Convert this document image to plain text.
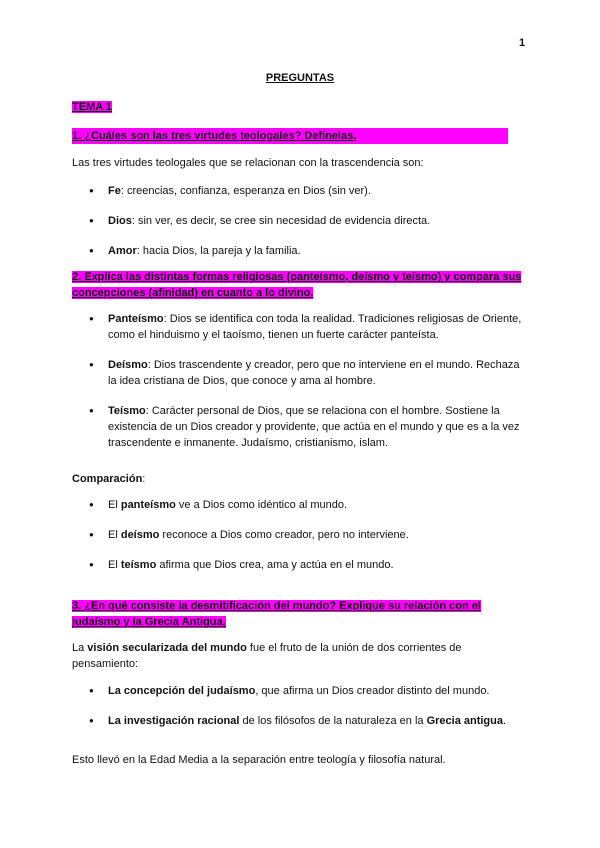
1
PREGUNTAS
TEMA 1
1. ¿Cuáles son las tres virtudes teologales? Defínelas.
Las tres virtudes teologales que se relacionan con la trascendencia son:
● Fe: creencias, confianza, esperanza en Dios (sin ver).
● Dios: sin ver, es decir, se cree sin necesidad de evidencia directa.
● Amor: hacia Dios, la pareja y la familia.
2. Explica las distintas formas religiosas (panteísmo, deísmo y teísmo) y compara sus concepciones (afinidad) en cuanto a lo divino.
● Panteísmo: Dios se identifica con toda la realidad. Tradiciones religiosas de Oriente, como el hinduismo y el taoísmo, tienen un fuerte carácter panteísta.
● Deísmo: Dios trascendente y creador, pero que no interviene en el mundo. Rechaza la idea cristiana de Dios, que conoce y ama al hombre.
● Teísmo: Carácter personal de Dios, que se relaciona con el hombre. Sostiene la existencia de un Dios creador y providente, que actúa en el mundo y que es a la vez trascendente e inmanente. Judaísmo, cristianismo, islam.
Comparación:
● El panteísmo ve a Dios como idéntico al mundo.
● El deísmo reconoce a Dios como creador, pero no interviene.
● El teísmo afirma que Dios crea, ama y actúa en el mundo.
3. ¿En qué consiste la desmitificación del mundo? Explique su relación con el judaísmo y la Grecia Antigua.
La visión secularizada del mundo fue el fruto de la unión de dos corrientes de pensamiento:
● La concepción del judaísmo, que afirma un Dios creador distinto del mundo.
● La investigación racional de los filósofos de la naturaleza en la Grecia antigua.
Esto llevó en la Edad Media a la separación entre teología y filosofía natural.
